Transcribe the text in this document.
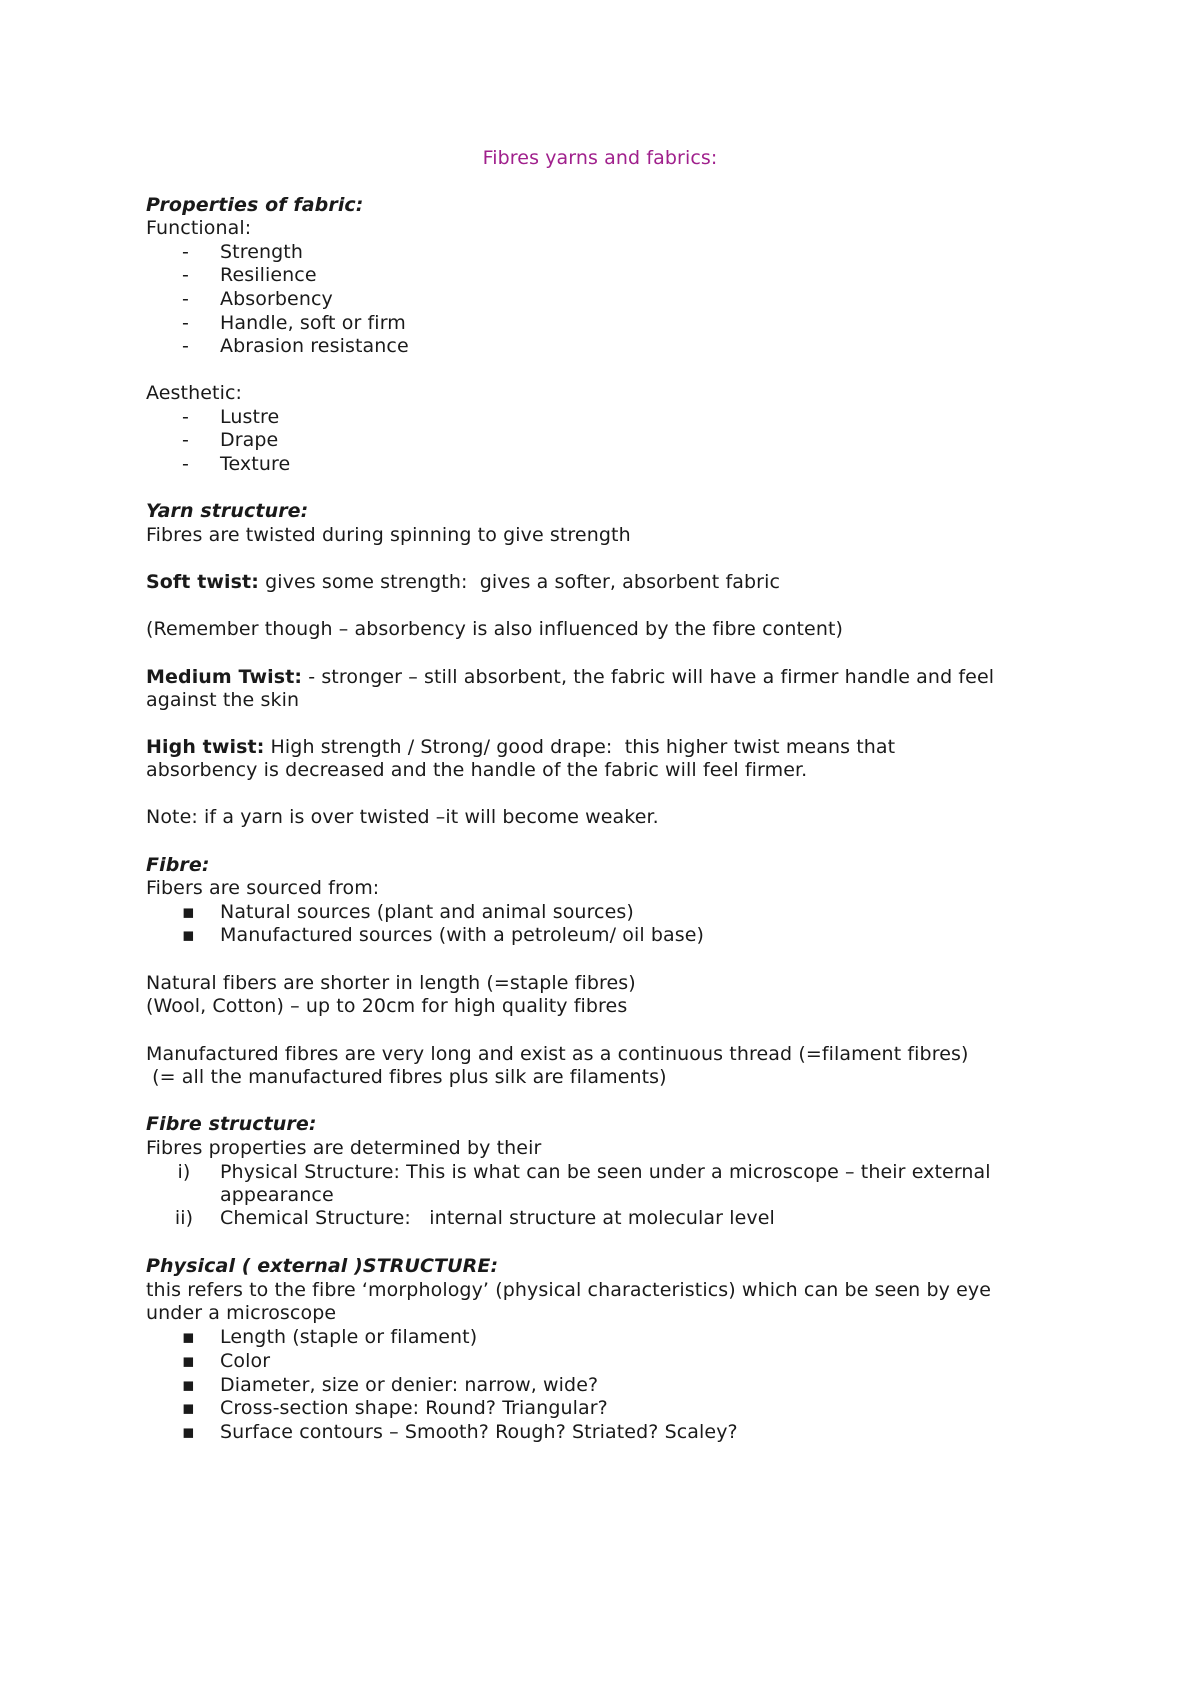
Fibres yarns and fabrics:
Properties of fabric:
Functional:
-	Strength
-	Resilience
-	Absorbency
-	Handle, soft or firm
-	Abrasion resistance
Aesthetic:
-	Lustre
-	Drape
-	Texture
Yarn structure:
Fibres are twisted during spinning to give strength
Soft twist: gives some strength:  gives a softer, absorbent fabric
(Remember though – absorbency is also influenced by the fibre content)
Medium Twist: - stronger – still absorbent, the fabric will have a firmer handle and feel
against the skin
High twist: High strength / Strong/ good drape:  this higher twist means that
absorbency is decreased and the handle of the fabric will feel firmer.
Note: if a yarn is over twisted –it will become weaker.
Fibre:
Fibers are sourced from:
▪	Natural sources (plant and animal sources)
▪	Manufactured sources (with a petroleum/ oil base)
Natural fibers are shorter in length (=staple fibres)
(Wool, Cotton) – up to 20cm for high quality fibres
Manufactured fibres are very long and exist as a continuous thread (=filament fibres)
(= all the manufactured fibres plus silk are filaments)
Fibre structure:
Fibres properties are determined by their
i)	Physical Structure: This is what can be seen under a microscope – their external
appearance
ii)	Chemical Structure:   internal structure at molecular level
Physical ( external )STRUCTURE:
this refers to the fibre ‘morphology’ (physical characteristics) which can be seen by eye
under a microscope
▪	Length (staple or filament)
▪	Color
▪	Diameter, size or denier: narrow, wide?
▪	Cross-section shape: Round? Triangular?
▪	Surface contours – Smooth? Rough? Striated? Scaley?
